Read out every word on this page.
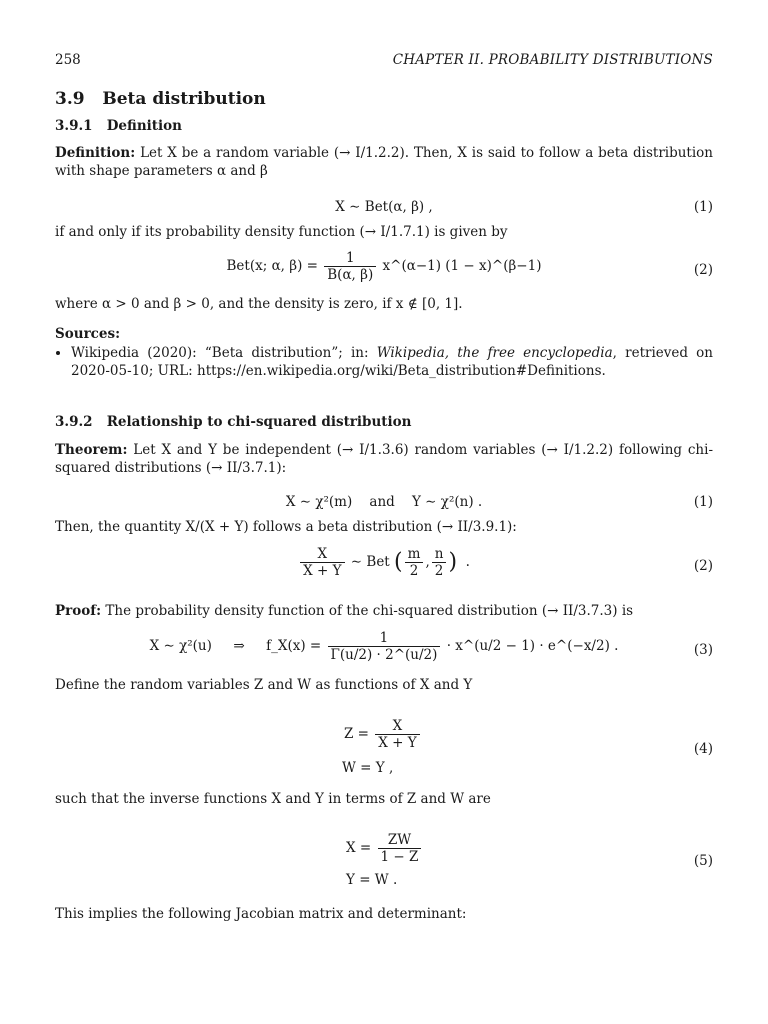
258	CHAPTER II. PROBABILITY DISTRIBUTIONS
3.9 Beta distribution
3.9.1 Definition
Definition: Let X be a random variable (→ I/1.2.2). Then, X is said to follow a beta distribution with shape parameters α and β
X ∼ Bet(α, β) ,	(1)
if and only if its probability density function (→ I/1.7.1) is given by
Bet(x; α, $\beta) = \frac{1}{B(\alpha, \beta)}$ x^(α−1) (1 − x)^(β−1)	(2)
where α > 0 and β > 0, and the density is zero, if x ∉ [0, 1].
Sources:
• Wikipedia (2020): “Beta distribution”; in: Wikipedia, the free encyclopedia, retrieved on 2020-05-10; URL: https://en.wikipedia.org/wiki/Beta_distribution#Definitions.
3.9.2 Relationship to chi-squared distribution
Theorem: Let X and Y be independent (→ I/1.3.6) random variables (→ I/1.2.2) following chi-squared distributions (→ II/3.7.1):
X ∼ χ²(m)    and    Y ∼ χ²(n) .	(1)
Then, the quantity X/(X + Y) follows a beta distribution (→ II/3.9.1):
$\frac{X}{X + Y}$ ∼ Bet ( $\frac{m}{2}$ , $\frac{n}{2}$ )  .	(2)
Proof: The probability density function of the chi-squared distribution (→ II/3.7.3) is
X ∼ χ²(u)     ⇒     f_X(x) = $\frac{1}{\Gamma(u/2) \cdot 2\^{}(u/2)}$ · x^(u/2 − 1) · e^(−x/2) .	(3)
Define the random variables Z and W as functions of X and Y
$Z = \frac{X}{X + Y}$
W = Y ,
(4)
such that the inverse functions X and Y in terms of Z and W are
$X = \frac{ZW}{1 - Z}$
Y = W .
(5)
This implies the following Jacobian matrix and determinant:
